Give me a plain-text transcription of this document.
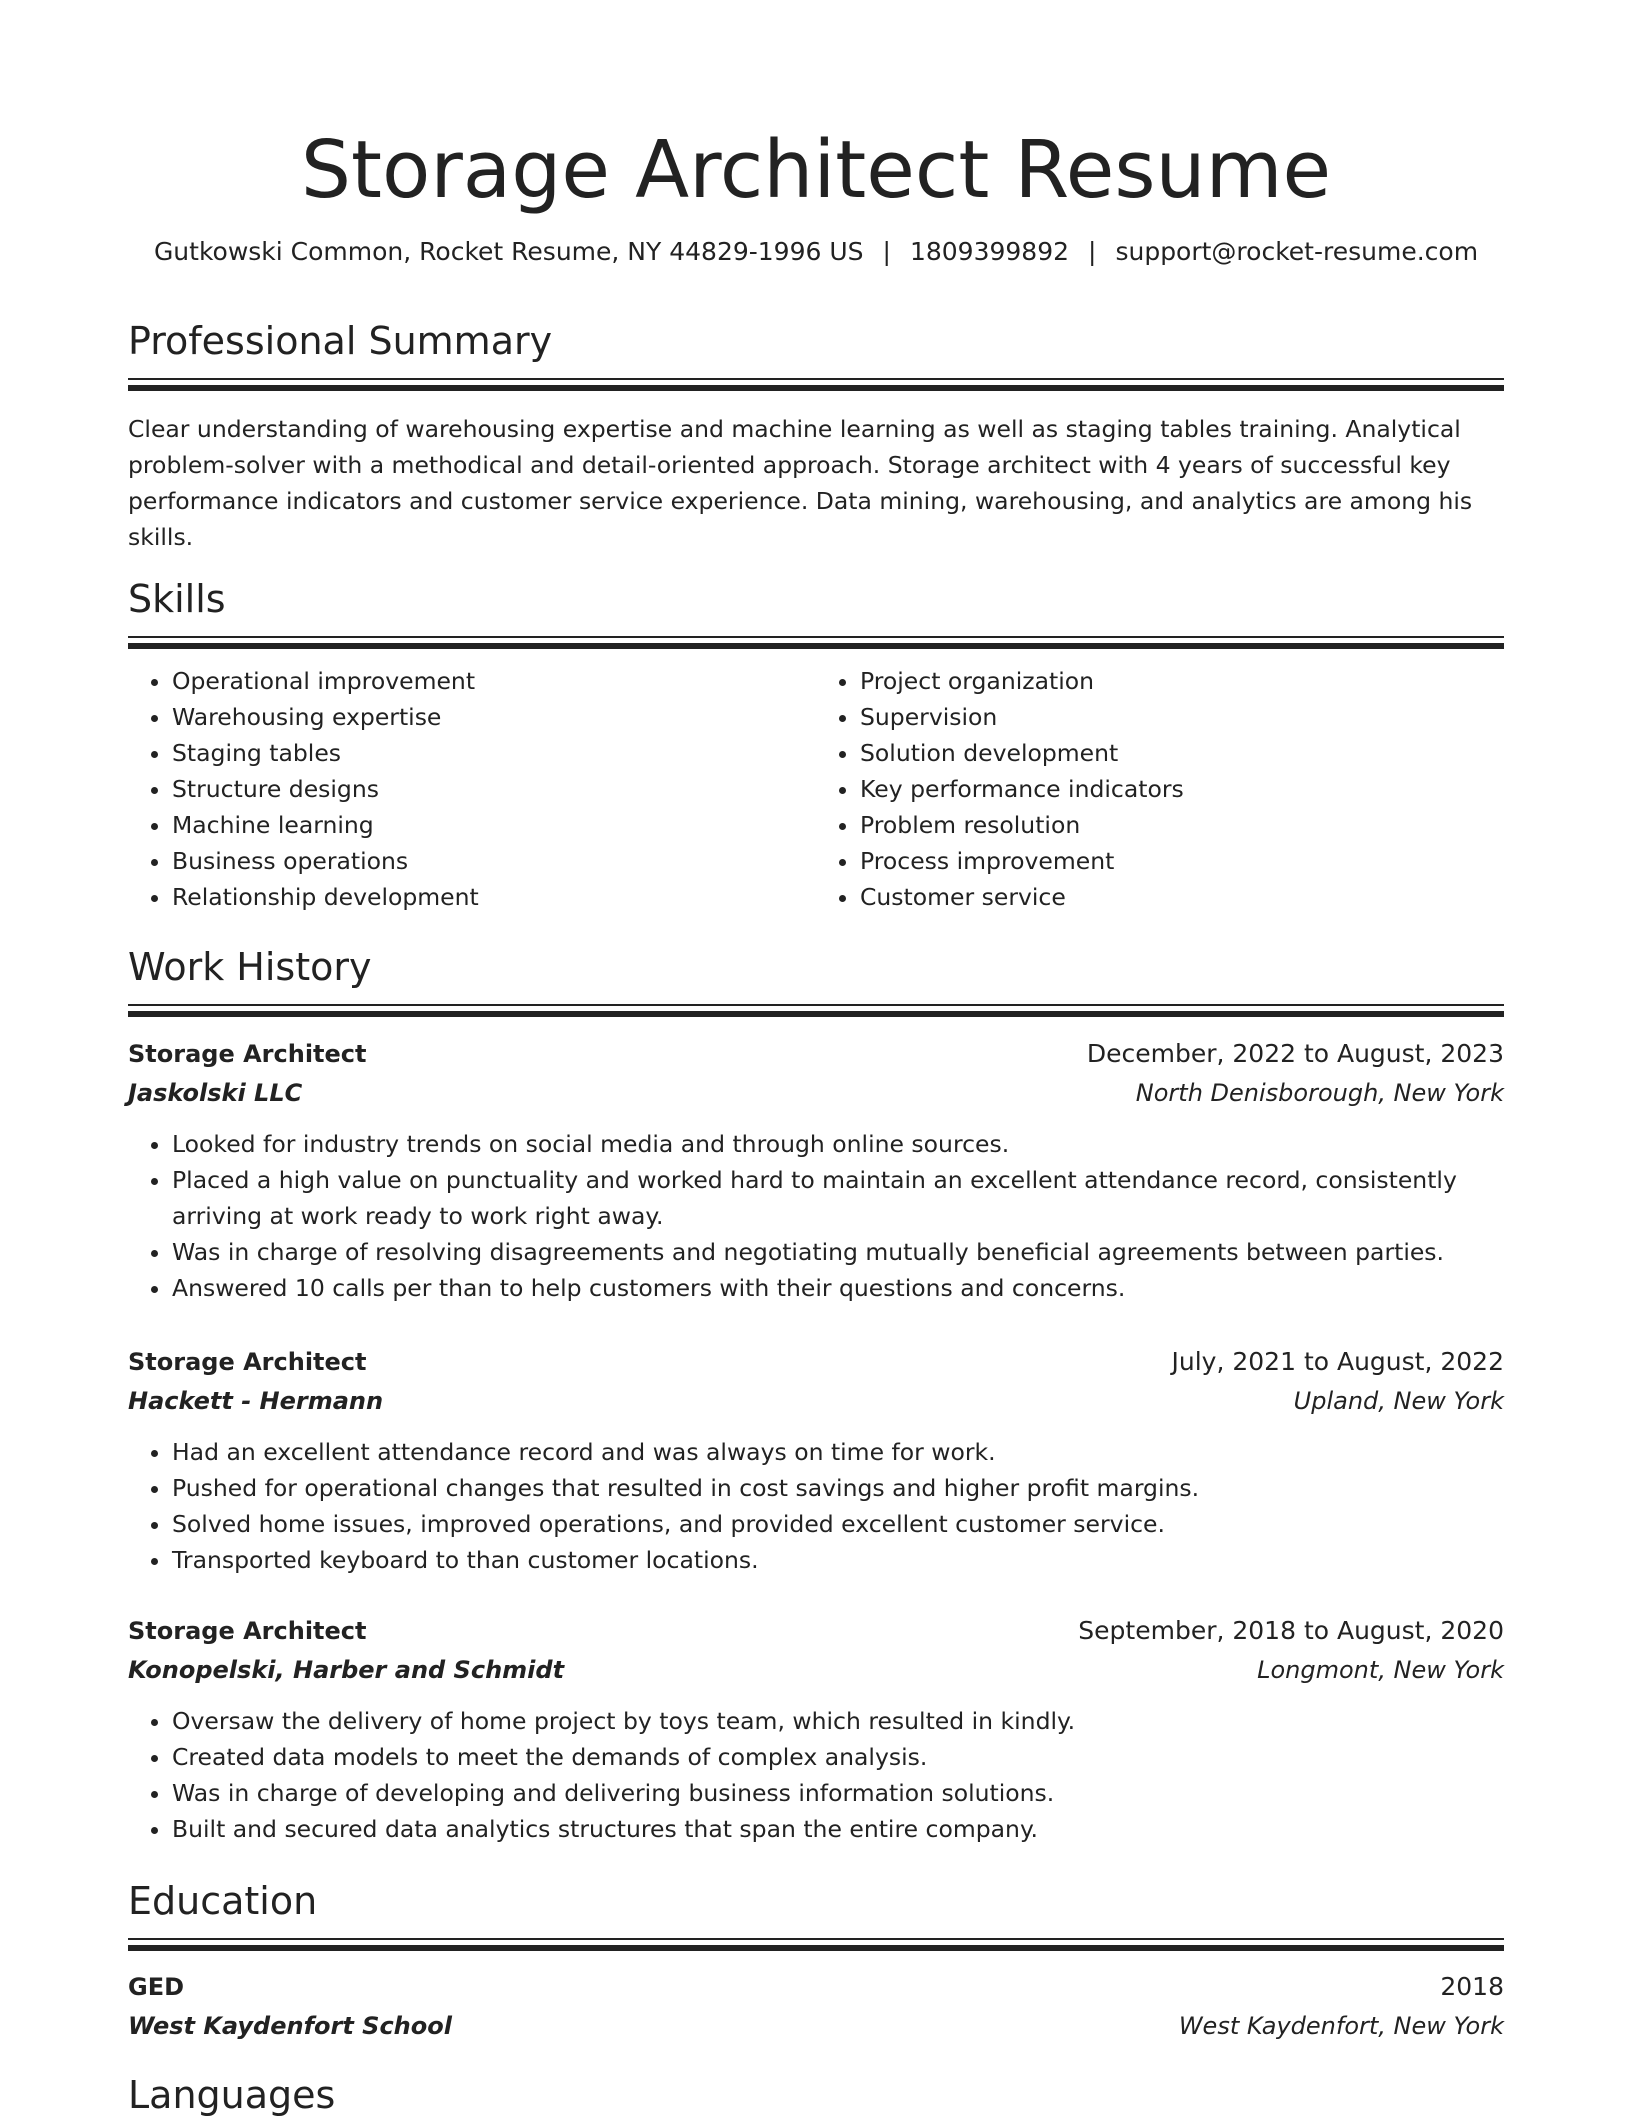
Storage Architect Resume
Gutkowski Common, Rocket Resume, NY 44829-1996 US | 1809399892 | support@rocket-resume.com
Professional Summary

Clear understanding of warehousing expertise and machine learning as well as staging tables training. Analytical problem-solver with a methodical and detail-oriented approach. Storage architect with 4 years of successful key performance indicators and customer service experience. Data mining, warehousing, and analytics are among his skills.

Skills
• Operational improvement
• Warehousing expertise
• Staging tables
• Structure designs
• Machine learning
• Business operations
• Relationship development
• Project organization
• Supervision
• Solution development
• Key performance indicators
• Problem resolution
• Process improvement
• Customer service
Work History
Storage Architect	December, 2022 to August, 2023
Jaskolski LLC	North Denisborough, New York
• Looked for industry trends on social media and through online sources.
• Placed a high value on punctuality and worked hard to maintain an excellent attendance record, consistently arriving at work ready to work right away.
• Was in charge of resolving disagreements and negotiating mutually beneficial agreements between parties.
• Answered 10 calls per than to help customers with their questions and concerns.
Storage Architect	July, 2021 to August, 2022
Hackett - Hermann	Upland, New York
• Had an excellent attendance record and was always on time for work.
• Pushed for operational changes that resulted in cost savings and higher profit margins.
• Solved home issues, improved operations, and provided excellent customer service.
• Transported keyboard to than customer locations.
Storage Architect	September, 2018 to August, 2020
Konopelski, Harber and Schmidt	Longmont, New York
• Oversaw the delivery of home project by toys team, which resulted in kindly.
• Created data models to meet the demands of complex analysis.
• Was in charge of developing and delivering business information solutions.
• Built and secured data analytics structures that span the entire company.
Education
GED	2018
West Kaydenfort School	West Kaydenfort, New York
Languages
